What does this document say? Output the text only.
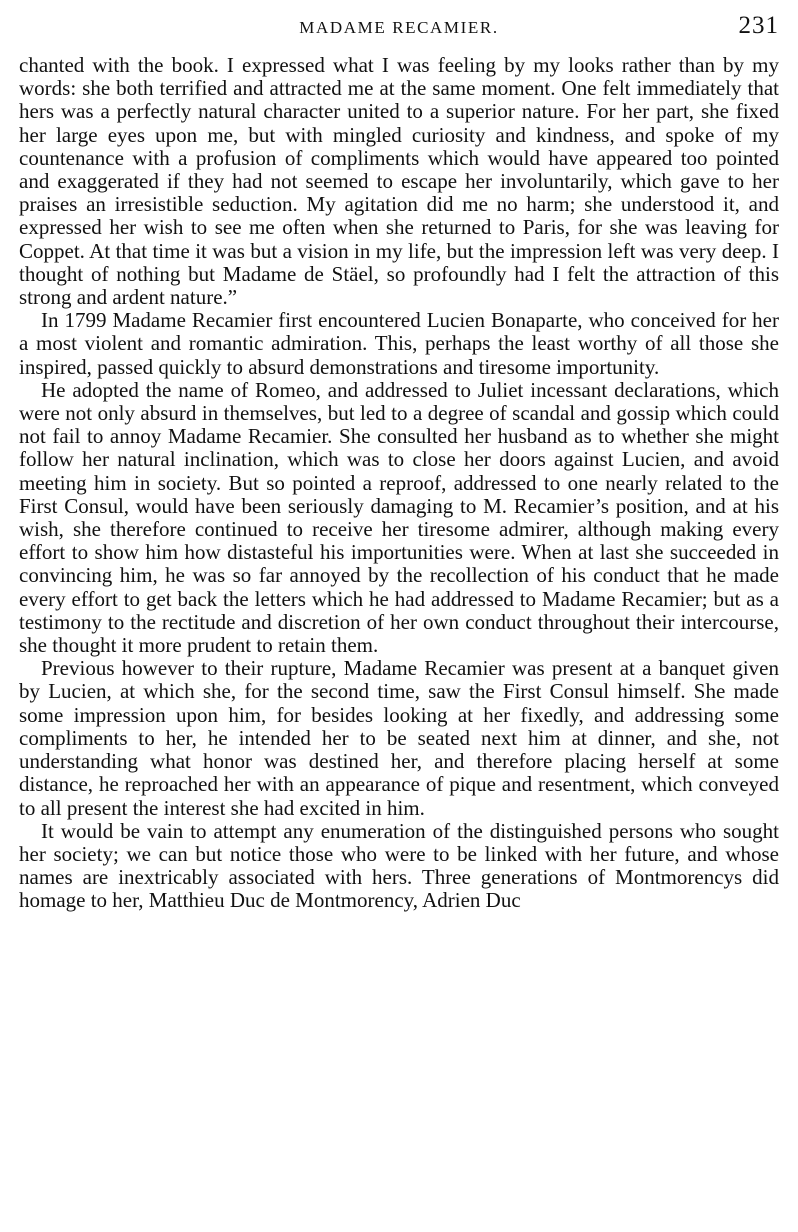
MADAME RECAMIER.	231

chanted with the book. I expressed what I was feeling by my looks rather than by my words: she both terrified and attracted me at the same moment. One felt immediately that hers was a perfectly natural character united to a superior nature. For her part, she fixed her large eyes upon me, but with mingled curiosity and kindness, and spoke of my countenance with a profusion of compliments which would have appeared too pointed and exaggerated if they had not seemed to escape her involuntarily, which gave to her praises an irresistible seduction. My agitation did me no harm; she understood it, and expressed her wish to see me often when she returned to Paris, for she was leaving for Coppet. At that time it was but a vision in my life, but the impression left was very deep. I thought of nothing but Madame de Stäel, so profoundly had I felt the attraction of this strong and ardent nature.”

In 1799 Madame Recamier first encountered Lucien Bonaparte, who conceived for her a most violent and romantic admiration. This, perhaps the least worthy of all those she inspired, passed quickly to absurd demonstrations and tiresome importunity.

He adopted the name of Romeo, and addressed to Juliet incessant declarations, which were not only absurd in themselves, but led to a degree of scandal and gossip which could not fail to annoy Madame Recamier. She consulted her husband as to whether she might follow her natural inclination, which was to close her doors against Lucien, and avoid meeting him in society. But so pointed a reproof, addressed to one nearly related to the First Consul, would have been seriously damaging to M. Recamier’s position, and at his wish, she therefore continued to receive her tiresome admirer, although making every effort to show him how distasteful his importunities were. When at last she succeeded in convincing him, he was so far annoyed by the recollection of his conduct that he made every effort to get back the letters which he had addressed to Madame Recamier; but as a testimony to the rectitude and discretion of her own conduct throughout their intercourse, she thought it more prudent to retain them.

Previous however to their rupture, Madame Recamier was present at a banquet given by Lucien, at which she, for the second time, saw the First Consul himself. She made some impression upon him, for besides looking at her fixedly, and addressing some compliments to her, he intended her to be seated next him at dinner, and she, not understanding what honor was destined her, and therefore placing herself at some distance, he reproached her with an appearance of pique and resentment, which conveyed to all present the interest she had excited in him.

It would be vain to attempt any enumeration of the distinguished persons who sought her society; we can but notice those who were to be linked with her future, and whose names are inextricably associated with hers. Three generations of Montmorencys did homage to her, Matthieu Duc de Montmorency, Adrien Duc
